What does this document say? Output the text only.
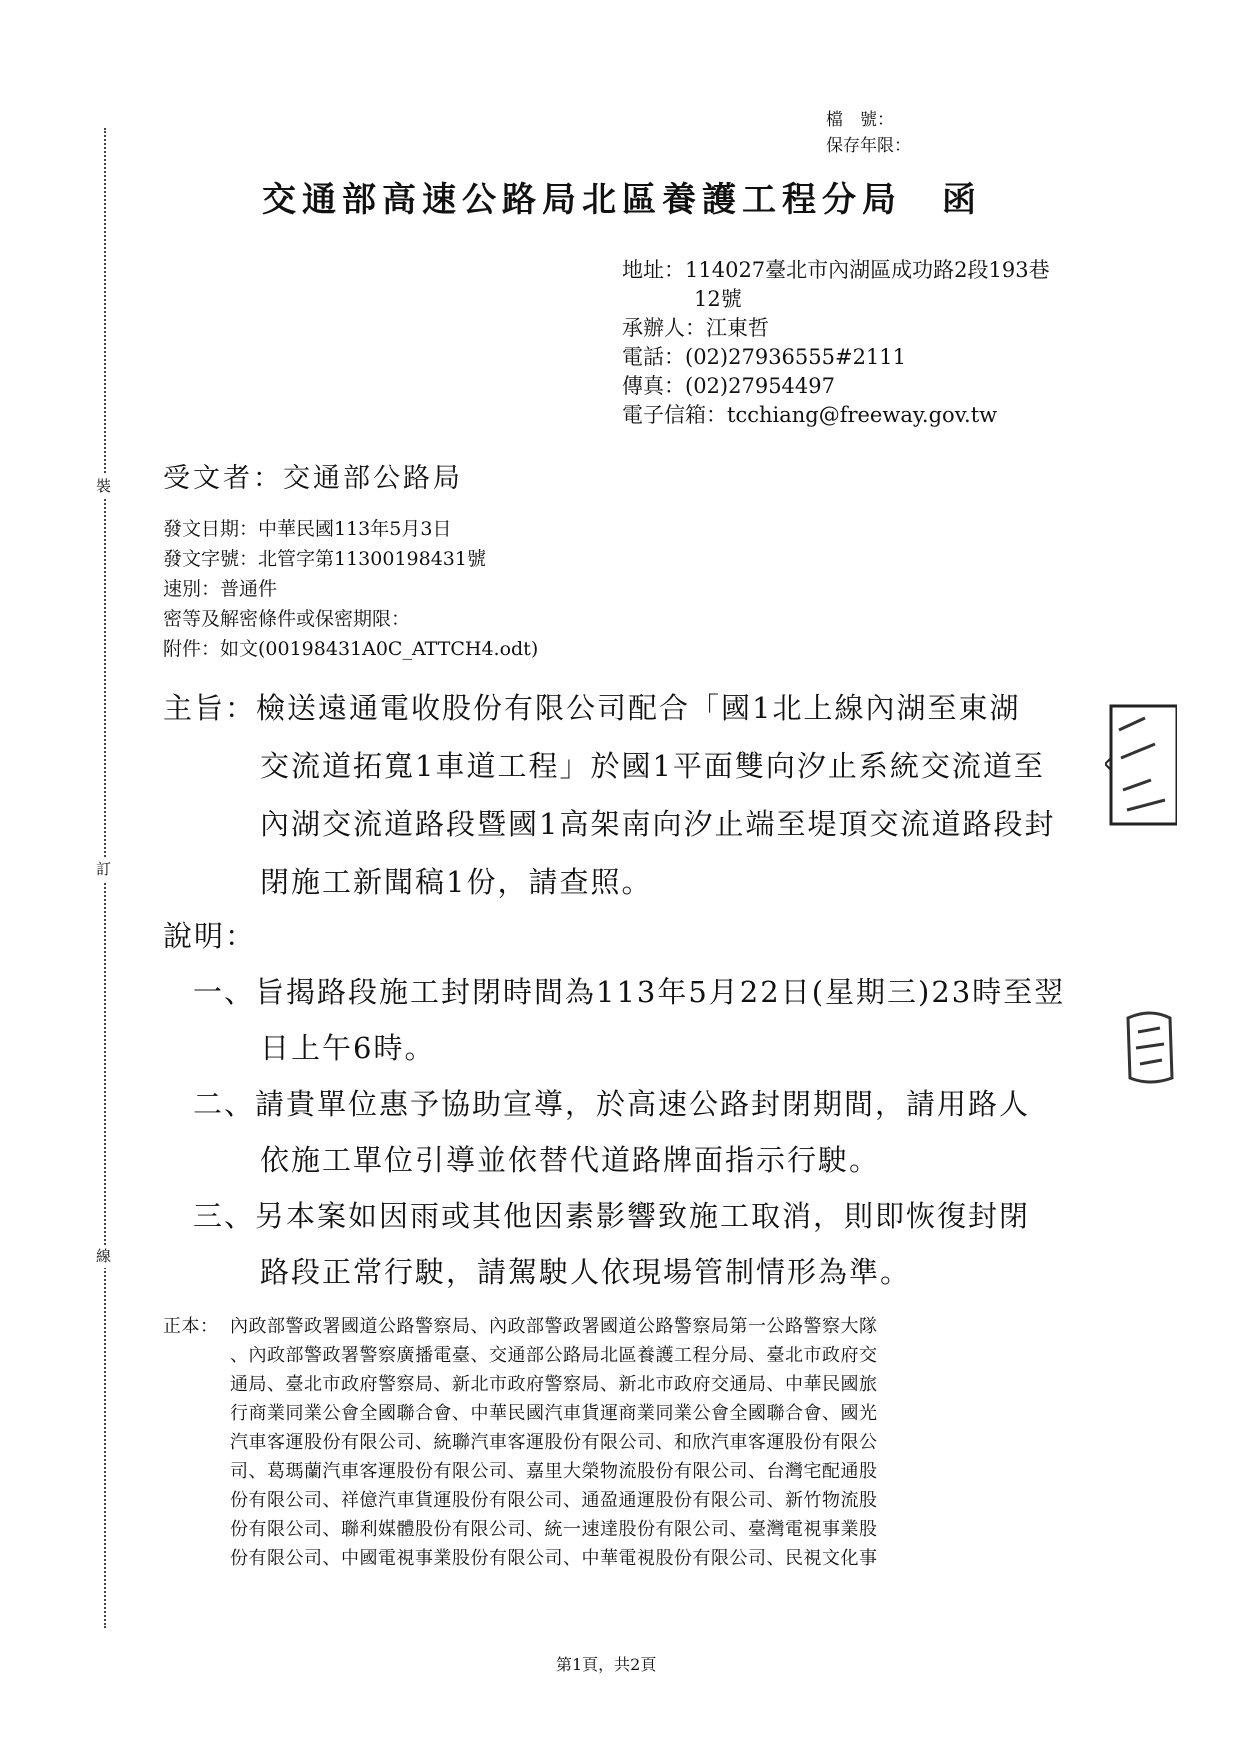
裝
訂
線
檔　號：
保存年限：
交通部高速公路局北區養護工程分局　函
地址：114027臺北市內湖區成功路2段193巷
12號
承辦人：江東哲
電話：(02)27936555#2111
傳真：(02)27954497
電子信箱：tcchiang@freeway.gov.tw
受文者：交通部公路局
發文日期：中華民國113年5月3日
發文字號：北管字第11300198431號
速別：普通件
密等及解密條件或保密期限：
附件：如文(00198431A0C_ATTCH4.odt)
主旨：檢送遠通電收股份有限公司配合「國1北上線內湖至東湖
交流道拓寬1車道工程」於國1平面雙向汐止系統交流道至
內湖交流道路段暨國1高架南向汐止端至堤頂交流道路段封
閉施工新聞稿1份，請查照。
說明：
一、旨揭路段施工封閉時間為113年5月22日(星期三)23時至翌
日上午6時。
二、請貴單位惠予協助宣導，於高速公路封閉期間，請用路人
依施工單位引導並依替代道路牌面指示行駛。
三、另本案如因雨或其他因素影響致施工取消，則即恢復封閉
路段正常行駛，請駕駛人依現場管制情形為準。
正本： 內政部警政署國道公路警察局、內政部警政署國道公路警察局第一公路警察大隊
、內政部警政署警察廣播電臺、交通部公路局北區養護工程分局、臺北市政府交
通局、臺北市政府警察局、新北市政府警察局、新北市政府交通局、中華民國旅
行商業同業公會全國聯合會、中華民國汽車貨運商業同業公會全國聯合會、國光
汽車客運股份有限公司、統聯汽車客運股份有限公司、和欣汽車客運股份有限公
司、葛瑪蘭汽車客運股份有限公司、嘉里大榮物流股份有限公司、台灣宅配通股
份有限公司、祥億汽車貨運股份有限公司、通盈通運股份有限公司、新竹物流股
份有限公司、聯利媒體股份有限公司、統一速達股份有限公司、臺灣電視事業股
份有限公司、中國電視事業股份有限公司、中華電視股份有限公司、民視文化事
第1頁，共2頁
